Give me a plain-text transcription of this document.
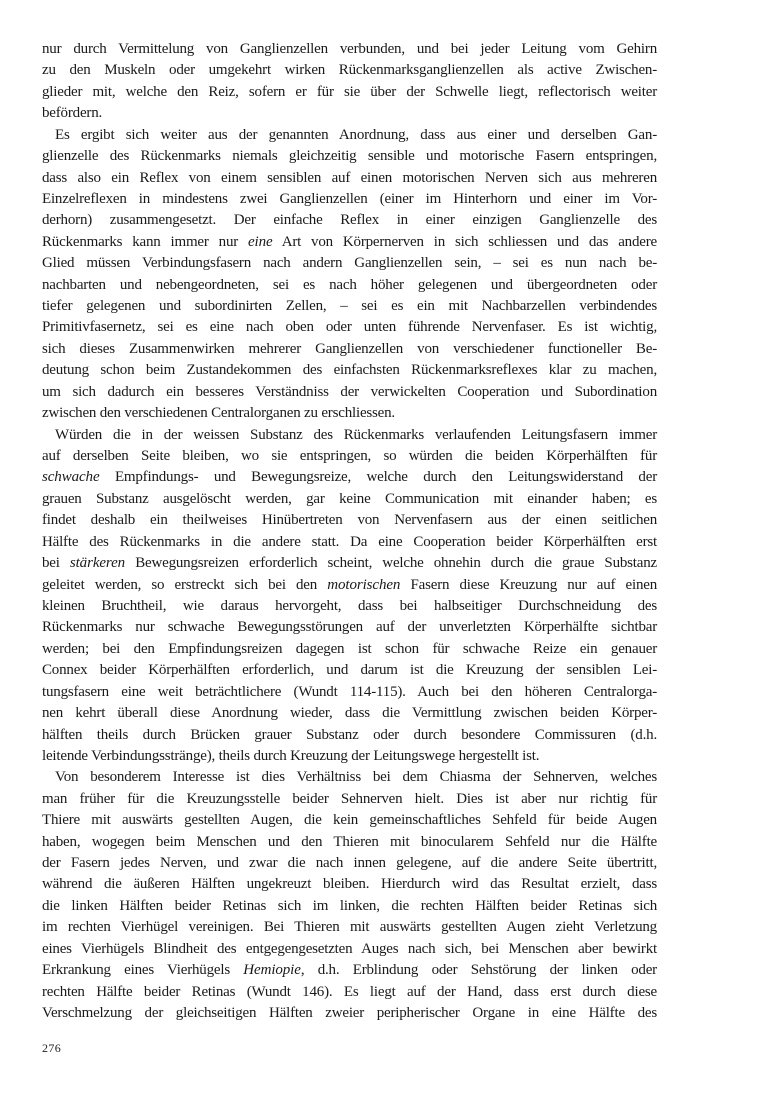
nur durch Vermittelung von Ganglienzellen verbunden, und bei jeder Leitung vom Gehirn
zu den Muskeln oder umgekehrt wirken Rückenmarksganglienzellen als active Zwischen-
glieder mit, welche den Reiz, sofern er für sie über der Schwelle liegt, reflectorisch weiter
befördern.
Es ergibt sich weiter aus der genannten Anordnung, dass aus einer und derselben Gan-
glienzelle des Rückenmarks niemals gleichzeitig sensible und motorische Fasern entspringen,
dass also ein Reflex von einem sensiblen auf einen motorischen Nerven sich aus mehreren
Einzelreflexen in mindestens zwei Ganglienzellen (einer im Hinterhorn und einer im Vor-
derhorn) zusammengesetzt. Der einfache Reflex in einer einzigen Ganglienzelle des
Rückenmarks kann immer nur eine Art von Körpernerven in sich schliessen und das andere
Glied müssen Verbindungsfasern nach andern Ganglienzellen sein, – sei es nun nach be-
nachbarten und nebengeordneten, sei es nach höher gelegenen und übergeordneten oder
tiefer gelegenen und subordinirten Zellen, – sei es ein mit Nachbarzellen verbindendes
Primitivfasernetz, sei es eine nach oben oder unten führende Nervenfaser. Es ist wichtig,
sich dieses Zusammenwirken mehrerer Ganglienzellen von verschiedener functioneller Be-
deutung schon beim Zustandekommen des einfachsten Rückenmarksreflexes klar zu machen,
um sich dadurch ein besseres Verständniss der verwickelten Cooperation und Subordination
zwischen den verschiedenen Centralorganen zu erschliessen.
Würden die in der weissen Substanz des Rückenmarks verlaufenden Leitungsfasern immer
auf derselben Seite bleiben, wo sie entspringen, so würden die beiden Körperhälften für
schwache Empfindungs- und Bewegungsreize, welche durch den Leitungswiderstand der
grauen Substanz ausgelöscht werden, gar keine Communication mit einander haben; es
findet deshalb ein theilweises Hinübertreten von Nervenfasern aus der einen seitlichen
Hälfte des Rückenmarks in die andere statt. Da eine Cooperation beider Körperhälften erst
bei stärkeren Bewegungsreizen erforderlich scheint, welche ohnehin durch die graue Substanz
geleitet werden, so erstreckt sich bei den motorischen Fasern diese Kreuzung nur auf einen
kleinen Bruchtheil, wie daraus hervorgeht, dass bei halbseitiger Durchschneidung des
Rückenmarks nur schwache Bewegungsstörungen auf der unverletzten Körperhälfte sichtbar
werden; bei den Empfindungsreizen dagegen ist schon für schwache Reize ein genauer
Connex beider Körperhälften erforderlich, und darum ist die Kreuzung der sensiblen Lei-
tungsfasern eine weit beträchtlichere (Wundt 114-115). Auch bei den höheren Centralorga-
nen kehrt überall diese Anordnung wieder, dass die Vermittlung zwischen beiden Körper-
hälften theils durch Brücken grauer Substanz oder durch besondere Commissuren (d.h.
leitende Verbindungsstränge), theils durch Kreuzung der Leitungswege hergestellt ist.
Von besonderem Interesse ist dies Verhältniss bei dem Chiasma der Sehnerven, welches
man früher für die Kreuzungsstelle beider Sehnerven hielt. Dies ist aber nur richtig für
Thiere mit auswärts gestellten Augen, die kein gemeinschaftliches Sehfeld für beide Augen
haben, wogegen beim Menschen und den Thieren mit binocularem Sehfeld nur die Hälfte
der Fasern jedes Nerven, und zwar die nach innen gelegene, auf die andere Seite übertritt,
während die äußeren Hälften ungekreuzt bleiben. Hierdurch wird das Resultat erzielt, dass
die linken Hälften beider Retinas sich im linken, die rechten Hälften beider Retinas sich
im rechten Vierhügel vereinigen. Bei Thieren mit auswärts gestellten Augen zieht Verletzung
eines Vierhügels Blindheit des entgegengesetzten Auges nach sich, bei Menschen aber bewirkt
Erkrankung eines Vierhügels Hemiopie, d.h. Erblindung oder Sehstörung der linken oder
rechten Hälfte beider Retinas (Wundt 146). Es liegt auf der Hand, dass erst durch diese
Verschmelzung der gleichseitigen Hälften zweier peripherischer Organe in eine Hälfte des
276
